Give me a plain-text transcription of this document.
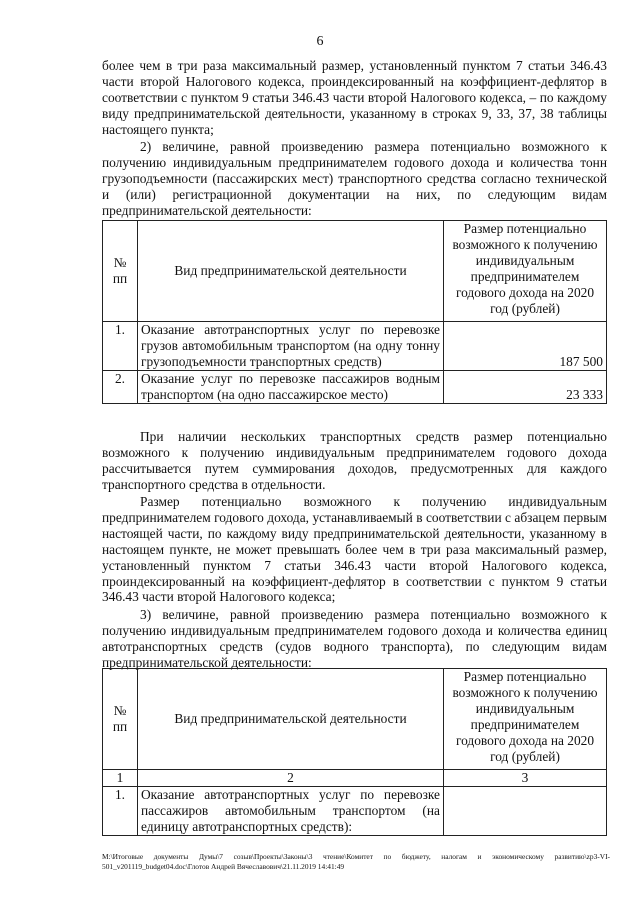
6

более чем в три раза максимальный размер, установленный пунктом 7 статьи 346.43 части второй Налогового кодекса, проиндексированный на коэффициент-дефлятор в соответствии с пунктом 9 статьи 346.43 части второй Налогового кодекса, – по каждому виду предпринимательской деятельности, указанному в строках 9, 33, 37, 38 таблицы настоящего пункта;

2) величине, равной произведению размера потенциально возможного к получению индивидуальным предпринимателем годового дохода и количества тонн грузоподъемности (пассажирских мест) транспортного средства согласно технической и (или) регистрационной документации на них, по следующим видам предпринимательской деятельности:

№ пп	Вид предпринимательской деятельности	Размер потенциально возможного к получению индивидуальным предпринимателем годового дохода на 2020 год (рублей)
1.	Оказание автотранспортных услуг по перевозке грузов автомобильным транспортом (на одну тонну грузоподъемности транспортных средств)	187 500
2.	Оказание услуг по перевозке пассажиров водным транспортом (на одно пассажирское место)	23 333

При наличии нескольких транспортных средств размер потенциально возможного к получению индивидуальным предпринимателем годового дохода рассчитывается путем суммирования доходов, предусмотренных для каждого транспортного средства в отдельности.

Размер потенциально возможного к получению индивидуальным предпринимателем годового дохода, устанавливаемый в соответствии с абзацем первым настоящей части, по каждому виду предпринимательской деятельности, указанному в настоящем пункте, не может превышать более чем в три раза максимальный размер, установленный пунктом 7 статьи 346.43 части второй Налогового кодекса, проиндексированный на коэффициент-дефлятор в соответствии с пунктом 9 статьи 346.43 части второй Налогового кодекса;

3) величине, равной произведению размера потенциально возможного к получению индивидуальным предпринимателем годового дохода и количества единиц автотранспортных средств (судов водного транспорта), по следующим видам предпринимательской деятельности:

№ пп	Вид предпринимательской деятельности	Размер потенциально возможного к получению индивидуальным предпринимателем годового дохода на 2020 год (рублей)
1	2	3
1.	Оказание автотранспортных услуг по перевозке пассажиров автомобильным транспортом (на единицу автотранспортных средств):	
M:\Итоговые документы Думы\7 созыв\Проекты\Законы\3 чтение\Комитет по бюджету, налогам и экономическому развитию\zp3-VI-501_v201119_budget04.doc\Глотов Андрей Вячеславович\21.11.2019 14:41:49
